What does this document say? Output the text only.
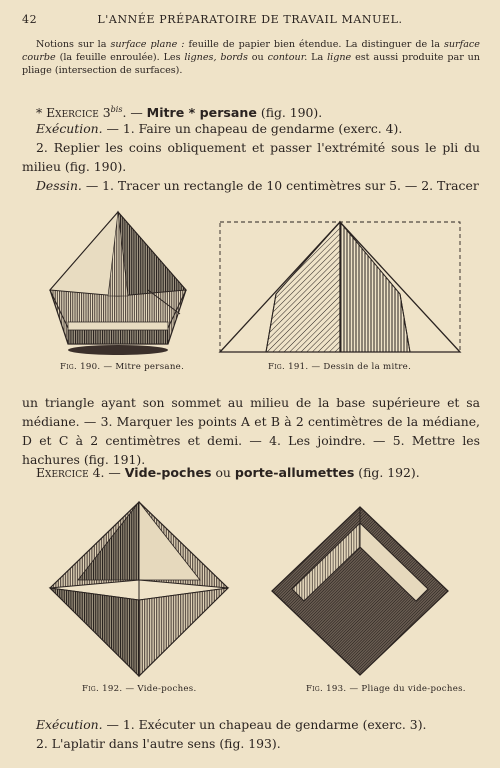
42	L'ANNÉE PRÉPARATOIRE DE TRAVAIL MANUEL.
Notions sur la surface plane : feuille de papier bien étendue. La distinguer de la surface courbe (la feuille enroulée). Les lignes, bords ou contour. La ligne est aussi produite par un pliage (intersection de surfaces).
* Exercice $3^{bis}$. — Mitre * persane (fig. 190).
Exécution. — 1. Faire un chapeau de gendarme (exerc. 4).
2. Replier les coins obliquement et passer l'extrémité sous le pli du milieu (fig. 190).
Dessin. — 1. Tracer un rectangle de 10 centimètres sur 5. — 2. Tracer
Fig. 190. — Mitre persane.	Fig. 191. — Dessin de la mitre.
un triangle ayant son sommet au milieu de la base supérieure et sa médiane. — 3. Marquer les points A et B à 2 centimètres de la médiane, D et C à 2 centimètres et demi. — 4. Les joindre. — 5. Mettre les hachures (fig. 191).
Exercice 4. — Vide-poches ou porte-allumettes (fig. 192).
Fig. 192. — Vide-poches.	Fig. 193. — Pliage du vide-poches.
Exécution. — 1. Exécuter un chapeau de gendarme (exerc. 3).
2. L'aplatir dans l'autre sens (fig. 193).
